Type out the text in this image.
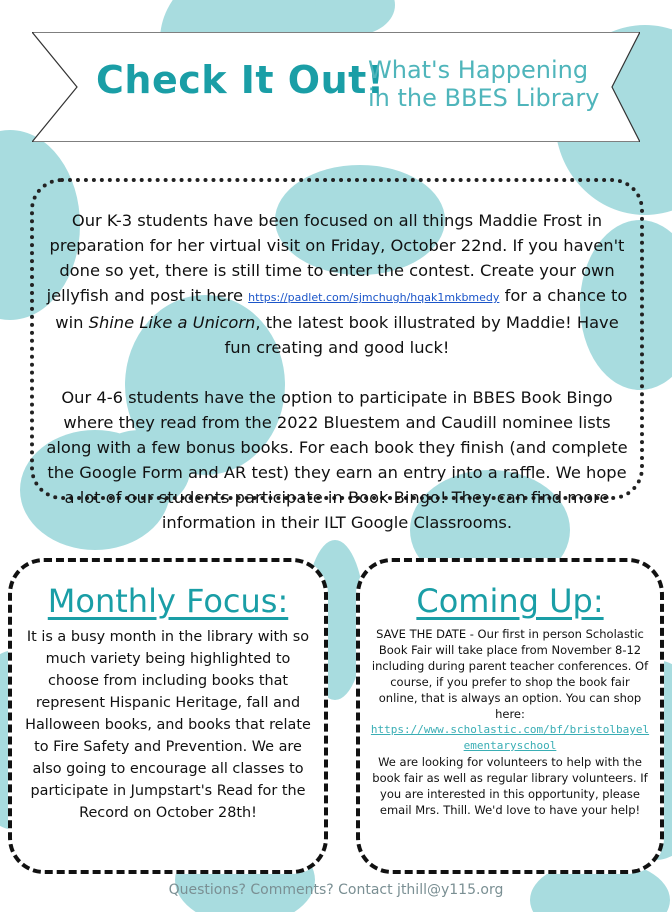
Check It Out!
What's Happening in the BBES Library

Our K-3 students have been focused on all things Maddie Frost in preparation for her virtual visit on Friday, October 22nd. If you haven't done so yet, there is still time to enter the contest. Create your own jellyfish and post it here https://padlet.com/sjmchugh/hqak1mkbmedy for a chance to win Shine Like a Unicorn, the latest book illustrated by Maddie! Have fun creating and good luck!

Our 4-6 students have the option to participate in BBES Book Bingo where they read from the 2022 Bluestem and Caudill nominee lists along with a few bonus books. For each book they finish (and complete the Google Form and AR test) they earn an entry into a raffle. We hope a lot of our students participate in Book Bingo! They can find more information in their ILT Google Classrooms.

Monthly Focus:
It is a busy month in the library with so much variety being highlighted to choose from including books that represent Hispanic Heritage, fall and Halloween books, and books that relate to Fire Safety and Prevention. We are also going to encourage all classes to participate in Jumpstart's Read for the Record on October 28th!
Coming Up:
SAVE THE DATE - Our first in person Scholastic Book Fair will take place from November 8-12 including during parent teacher conferences. Of course, if you prefer to shop the book fair online, that is always an option. You can shop here:
https://www.scholastic.com/bf/bristolbayelementaryschool
We are looking for volunteers to help with the book fair as well as regular library volunteers. If you are interested in this opportunity, please email Mrs. Thill. We'd love to have your help!
Questions? Comments? Contact jthill@y115.org
